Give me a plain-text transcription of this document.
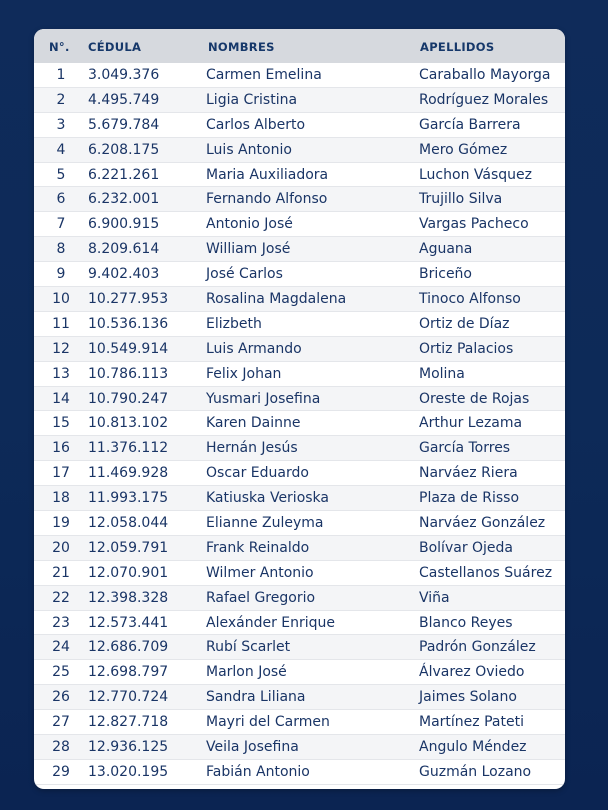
N°. CÉDULA	NOMBRES	APELLIDOS
1	3.049.376	Carmen Emelina	Caraballo Mayorga
2	4.495.749	Ligia Cristina	Rodríguez Morales
3	5.679.784	Carlos Alberto	García Barrera
4	6.208.175	Luis Antonio	Mero Gómez
5	6.221.261	Maria Auxiliadora	Luchon Vásquez
6	6.232.001	Fernando Alfonso	Trujillo Silva
7	6.900.915	Antonio José	Vargas Pacheco
8	8.209.614	William José	Aguana
9	9.402.403	José Carlos	Briceño
10 10.277.953	Rosalina Magdalena	Tinoco Alfonso
11 10.536.136	Elizbeth	Ortiz de Díaz
12 10.549.914	Luis Armando	Ortiz Palacios
13 10.786.113	Felix Johan	Molina
14 10.790.247	Yusmari Josefina	Oreste de Rojas
15 10.813.102	Karen Dainne	Arthur Lezama
16 11.376.112	Hernán Jesús	García Torres
17 11.469.928	Oscar Eduardo	Narváez Riera
18 11.993.175	Katiuska Verioska	Plaza de Risso
19 12.058.044	Elianne Zuleyma	Narváez González
20 12.059.791	Frank Reinaldo	Bolívar Ojeda
21 12.070.901	Wilmer Antonio	Castellanos Suárez
22 12.398.328	Rafael Gregorio	Viña
23 12.573.441	Alexánder Enrique	Blanco Reyes
24 12.686.709	Rubí Scarlet	Padrón González
25 12.698.797	Marlon José	Álvarez Oviedo
26 12.770.724	Sandra Liliana	Jaimes Solano
27 12.827.718	Mayri del Carmen	Martínez Pateti
28 12.936.125	Veila Josefina	Angulo Méndez
29 13.020.195	Fabián Antonio	Guzmán Lozano
